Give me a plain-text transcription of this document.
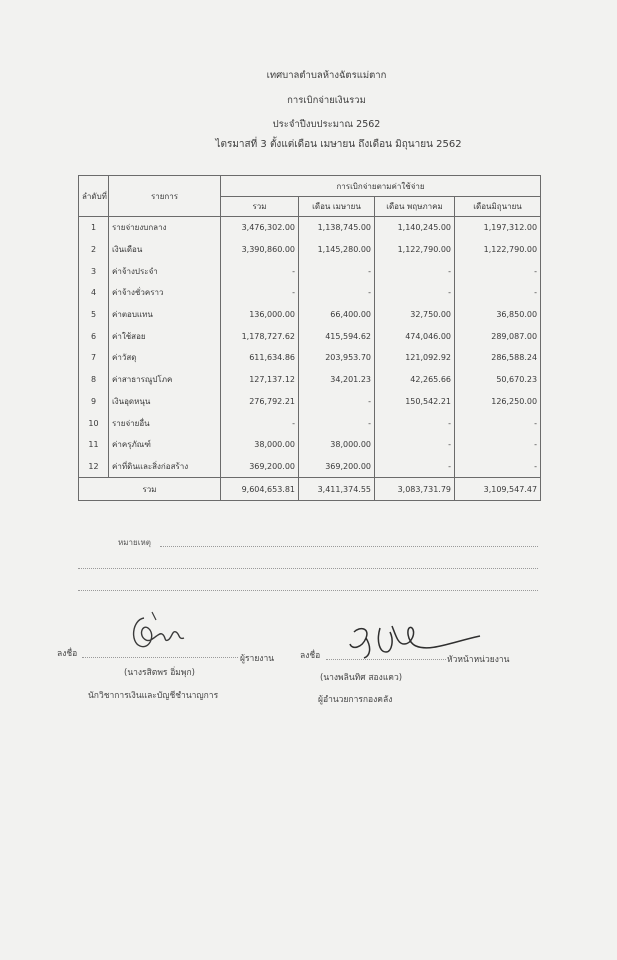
เทศบาลตำบลห้างฉัตรแม่ตาก
การเบิกจ่ายเงินรวม
ประจำปีงบประมาณ 2562
ไตรมาสที่ 3 ตั้งแต่เดือน เมษายน ถึงเดือน มิถุนายน 2562
ลำดับที่	รายการ	การเบิกจ่ายตามค่าใช้จ่าย			
		รวม	เดือน เมษายน	เดือน พฤษภาคม	เดือนมิถุนายน
1	รายจ่ายงบกลาง	3,476,302.00	1,138,745.00	1,140,245.00	1,197,312.00
2	เงินเดือน	3,390,860.00	1,145,280.00	1,122,790.00	1,122,790.00
3	ค่าจ้างประจำ	-	-	-	-
4	ค่าจ้างชั่วคราว	-	-	-	-
5	ค่าตอบแทน	136,000.00	66,400.00	32,750.00	36,850.00
6	ค่าใช้สอย	1,178,727.62	415,594.62	474,046.00	289,087.00
7	ค่าวัสดุ	611,634.86	203,953.70	121,092.92	286,588.24
8	ค่าสาธารณูปโภค	127,137.12	34,201.23	42,265.66	50,670.23
9	เงินอุดหนุน	276,792.21	-	150,542.21	126,250.00
10	รายจ่ายอื่น	-	-	-	-
11	ค่าครุภัณฑ์	38,000.00	38,000.00	-	-
12	ค่าที่ดินและสิ่งก่อสร้าง	369,200.00	369,200.00	-	-
รวม		9,604,653.81	3,411,374.55	3,083,731.79	3,109,547.47
หมายเหตุ
ลงชื่อ	ผู้รายงาน
(นางรสิตพร อิ่มพุก)
นักวิชาการเงินและบัญชีชำนาญการ
ลงชื่อ	หัวหน้าหน่วยงาน
(นางพลินทิศ สองแคว)
ผู้อำนวยการกองคลัง
